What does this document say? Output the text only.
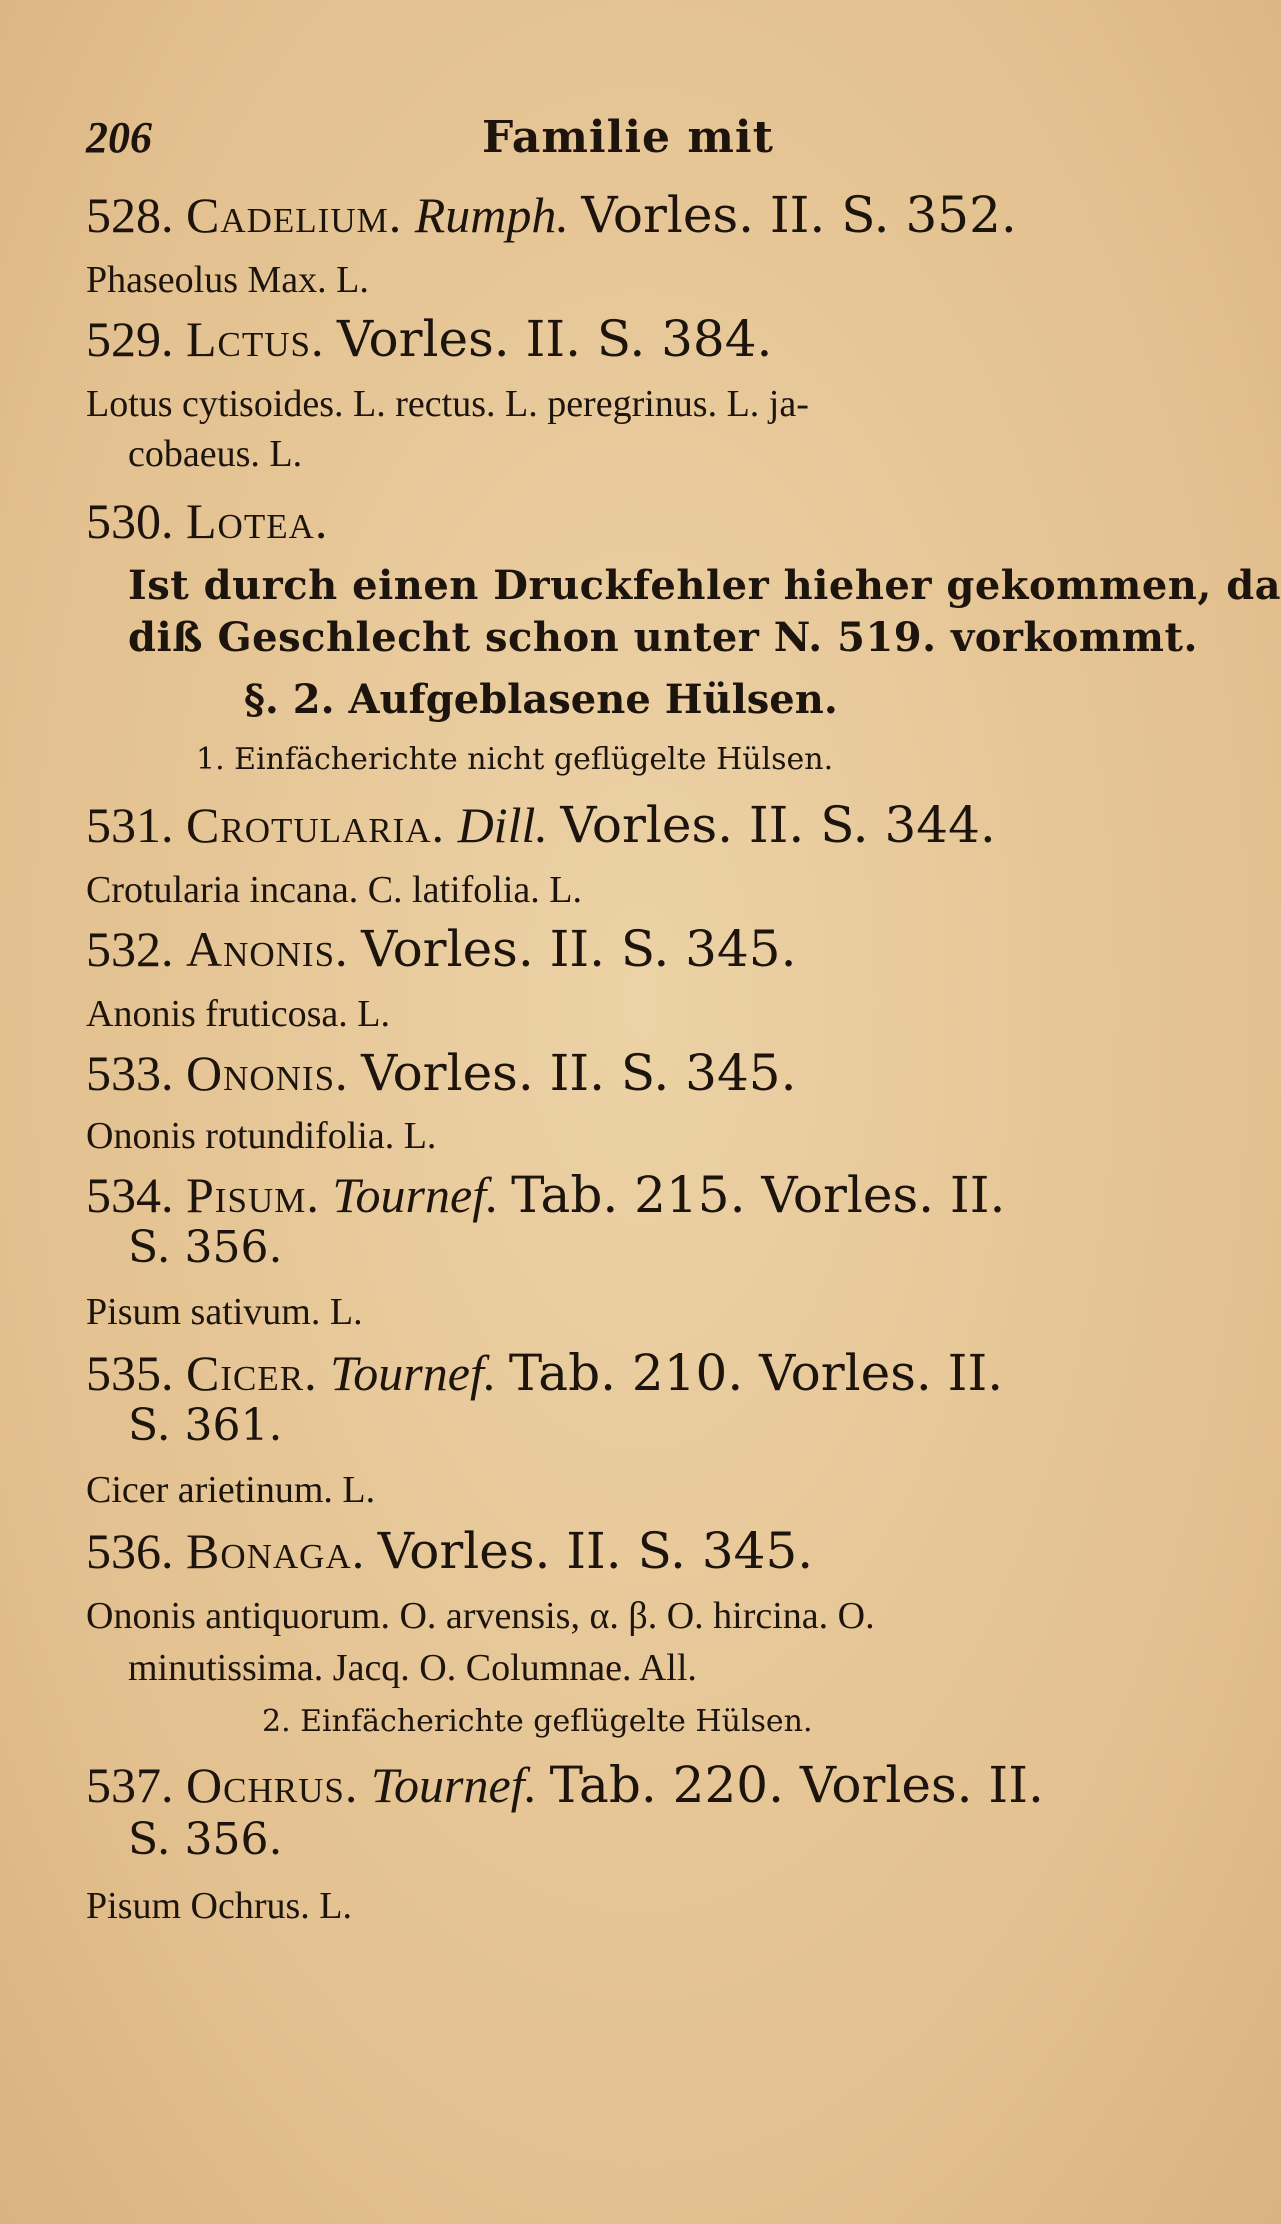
206	Familie mit
528. Cadelium. Rumph. Vorles. II. S. 352.
Phaseolus Max. L.
529. Lctus. Vorles. II. S. 384.
Lotus cytisoides. L. rectus. L. peregrinus. L. ja-
cobaeus. L.
530. Lotea.
Ist durch einen Druckfehler hieher gekommen, da
diß Geschlecht schon unter N. 519. vorkommt.
§. 2. Aufgeblasene Hülsen.
1. Einfächerichte nicht geflügelte Hülsen.
531. Crotularia. Dill. Vorles. II. S. 344.
Crotularia incana. C. latifolia. L.
532. Anonis. Vorles. II. S. 345.
Anonis fruticosa. L.
533. Ononis. Vorles. II. S. 345.
Ononis rotundifolia. L.
534. Pisum. Tournef. Tab. 215. Vorles. II.
S. 356.
Pisum sativum. L.
535. Cicer. Tournef. Tab. 210. Vorles. II.
S. 361.
Cicer arietinum. L.
536. Bonaga. Vorles. II. S. 345.
Ononis antiquorum. O. arvensis, α. β. O. hircina. O.
minutissima. Jacq. O. Columnae. All.
2. Einfächerichte geflügelte Hülsen.
537. Ochrus. Tournef. Tab. 220. Vorles. II.
S. 356.
Pisum Ochrus. L.
